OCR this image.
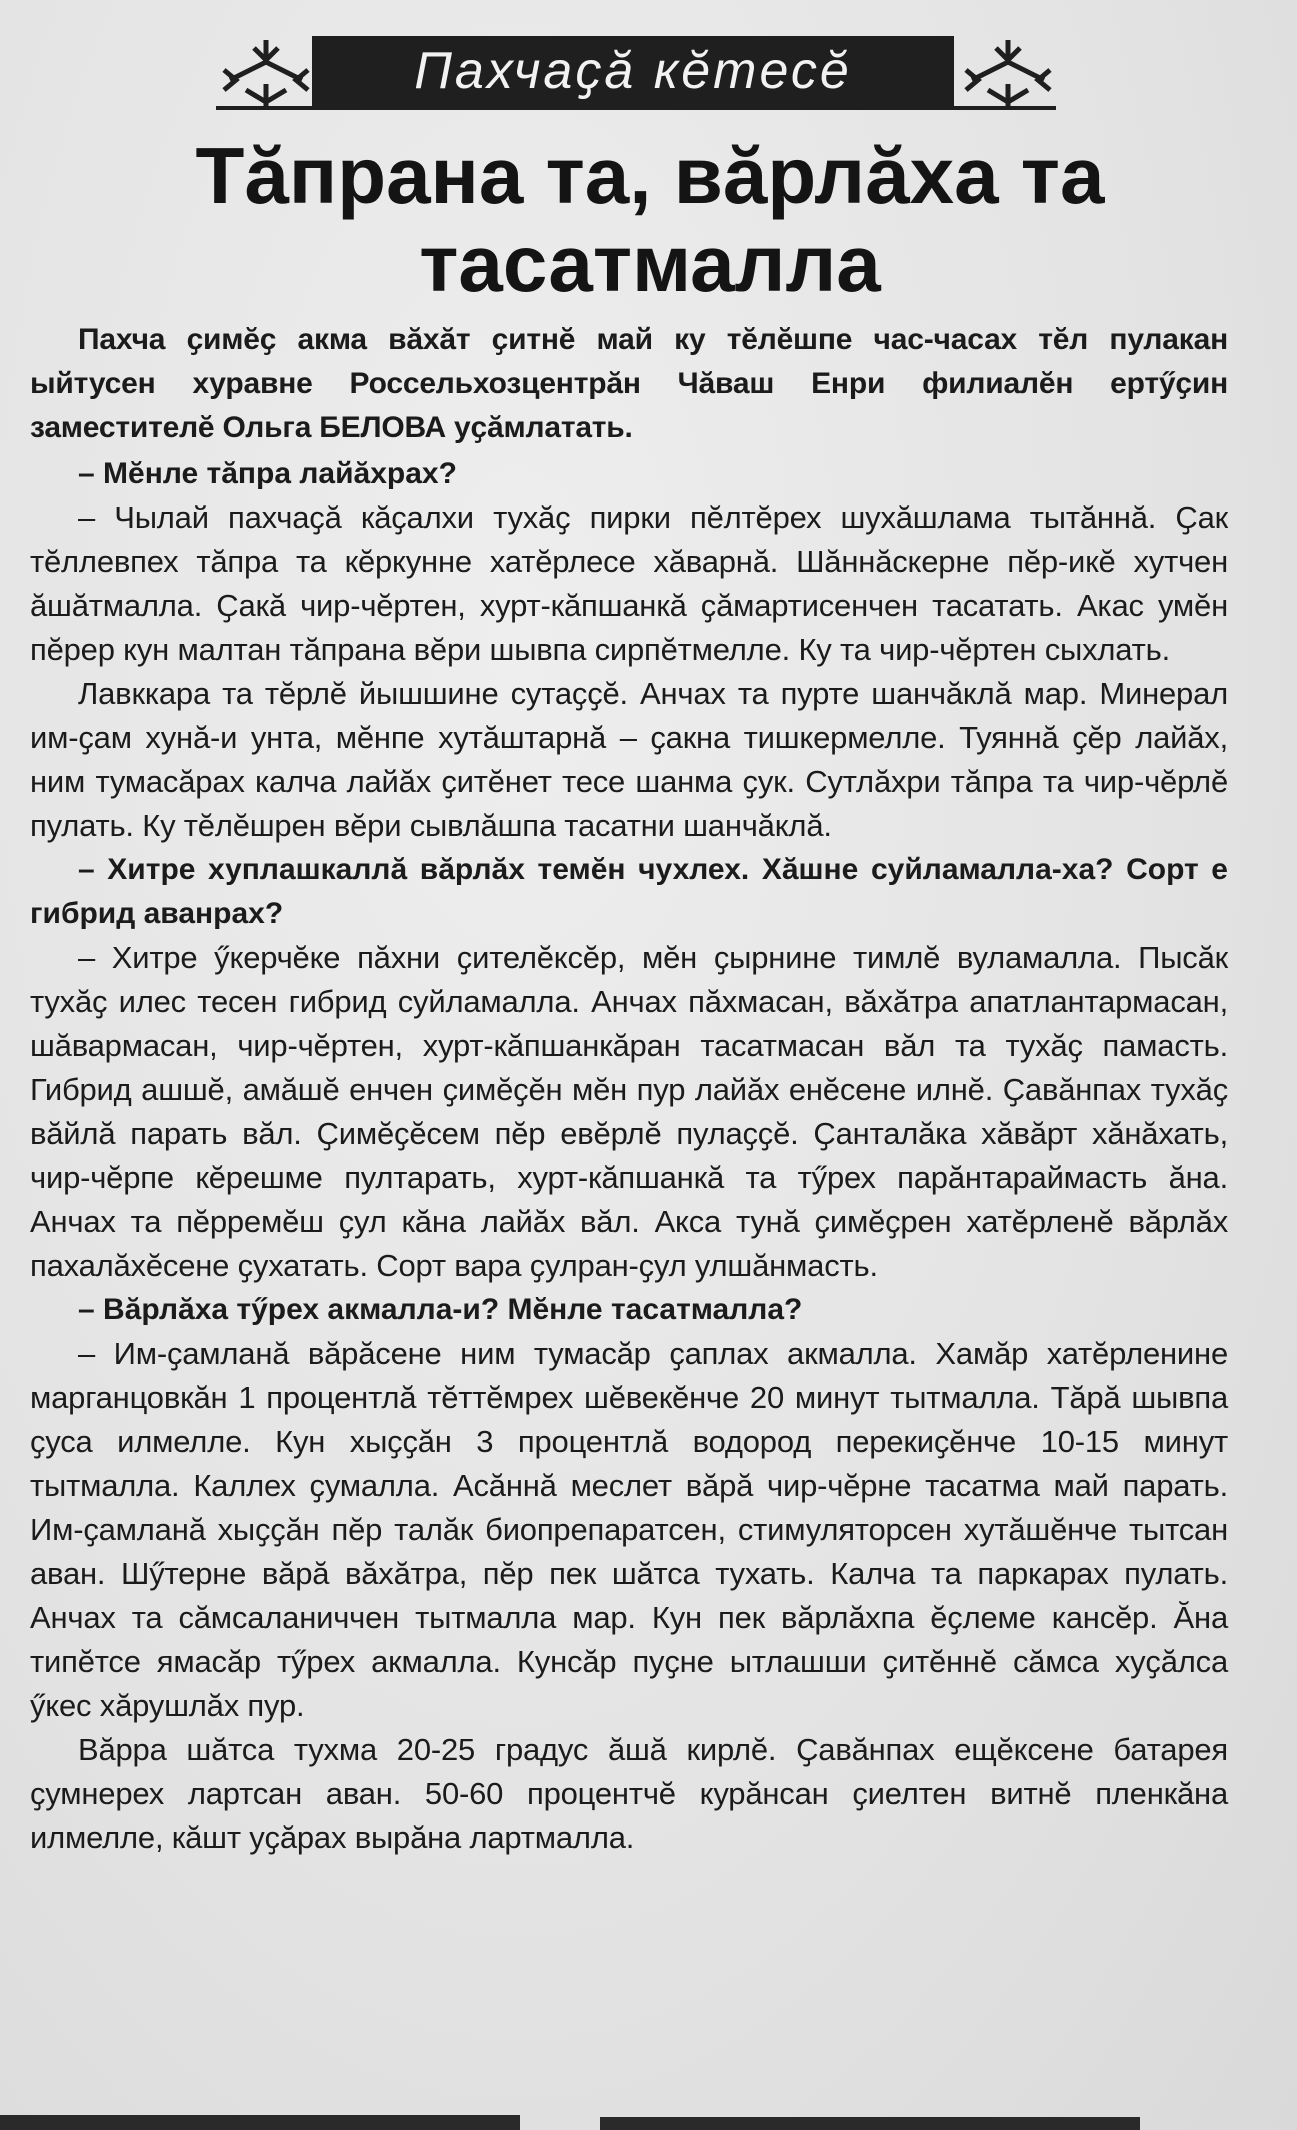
Пахчаҫă кĕтесĕ
Тăпрана та, вăрлăха та тасатмалла

Пахча ҫимĕҫ акма вăхăт ҫитнĕ май ку тĕлĕшпе час-часах тĕл пулакан ыйтусен хуравне Россельхозцентрăн Чăваш Енри филиалĕн ертӳҫин заместителĕ Ольга БЕЛОВА уҫăмлатать.

– Мĕнле тăпра лайăхрах?

– Чылай пахчаҫă кăҫалхи тухăҫ пирки пĕлтĕрех шухăшлама тытăннă. Ҫак тĕллевпех тăпра та кĕркунне хатĕрлесе хăварнă. Шăннăскерне пĕр-икĕ хутчен ăшăтмалла. Ҫакă чир-чĕртен, хурт-кăпшанкă ҫăмартисенчен тасатать. Акас умĕн пĕрер кун малтан тăпрана вĕри шывпа сирпĕтмелле. Ку та чир-чĕртен сыхлать.

Лавккара та тĕрлĕ йышшине сутаҫҫĕ. Анчах та пурте шанчăклă мар. Минерал им-ҫам хунă-и унта, мĕнпе хутăштарнă – ҫакна тишкермелле. Туяннă ҫĕр лайăх, ним тумасăрах калча лайăх ҫитĕнет тесе шанма ҫук. Сутлăхри тăпра та чир-чĕрлĕ пулать. Ку тĕлĕшрен вĕри сывлăшпа тасатни шанчăклă.

– Хитре хуплашкаллă вăрлăх темĕн чухлех. Хăшне суйламалла-ха? Сорт е гибрид аванрах?

– Хитре ӳкерчĕке пăхни ҫителĕксĕр, мĕн ҫырнине тимлĕ вуламалла. Пысăк тухăҫ илес тесен гибрид суйламалла. Анчах пăхмасан, вăхăтра апатлантармасан, шăвармасан, чир-чĕртен, хурт-кăпшанкăран тасатмасан вăл та тухăҫ памасть. Гибрид ашшĕ, амăшĕ енчен ҫимĕҫĕн мĕн пур лайăх енĕсене илнĕ. Ҫавăнпах тухăҫ вăйлă парать вăл. Ҫимĕҫĕсем пĕр евĕрлĕ пулаҫҫĕ. Ҫанталăка хăвăрт хăнăхать, чир-чĕрпе кĕрешме пултарать, хурт-кăпшанкă та тӳрех парăнтараймасть ăна. Анчах та пĕрремĕш ҫул кăна лайăх вăл. Акса тунă ҫимĕҫрен хатĕрленĕ вăрлăх пахалăхĕсене ҫухатать. Сорт вара ҫулран-ҫул улшăнмасть.

– Вăрлăха тӳрех акмалла-и? Мĕнле тасатмалла?

– Им-ҫамланă вăрăсене ним тумасăр ҫаплах акмалла. Хамăр хатĕрленине марганцовкăн 1 процентлă тĕттĕмрех шĕвекĕнче 20 минут тытмалла. Тăрă шывпа ҫуса илмелле. Кун хыҫҫăн 3 процентлă водород перекиҫĕнче 10-15 минут тытмалла. Каллех ҫумалла. Асăннă меслет вăрă чир-чĕрне тасатма май парать. Им-ҫамланă хыҫҫăн пĕр талăк биопрепаратсен, стимуляторсен хутăшĕнче тытсан аван. Шӳтерне вăрă вăхăтра, пĕр пек шăтса тухать. Калча та паркарах пулать. Анчах та сăмсаланиччен тытмалла мар. Кун пек вăрлăхпа ĕҫлеме кансĕр. Ăна типĕтсе ямасăр тӳрех акмалла. Кунсăр пуҫне ытлашши ҫитĕннĕ сăмса хуҫăлса ӳкес хăрушлăх пур.

Вăрра шăтса тухма 20-25 градус ăшă кирлĕ. Ҫавăнпах ещĕксене батарея ҫумнерех лартсан аван. 50-60 процентчĕ курăнсан ҫиелтен витнĕ пленкăна илмелле, кăшт уҫăрах вырăна лартмалла.
